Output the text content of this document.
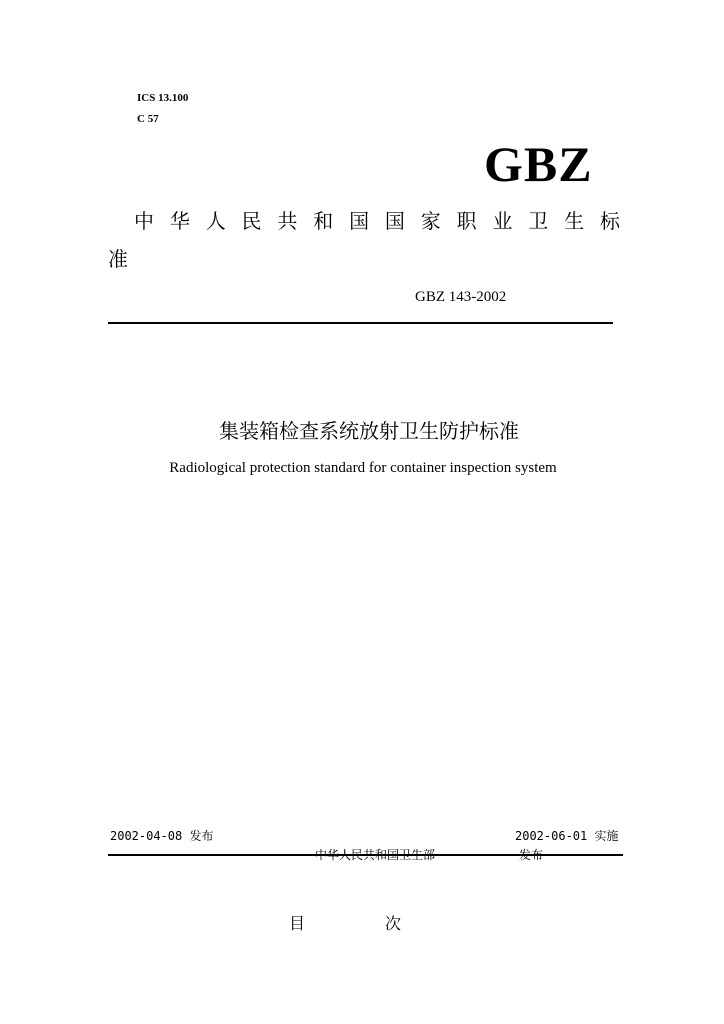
ICS 13.100
C 57
GBZ
中 华 人 民 共 和 国 国 家 职 业 卫 生 标
准
GBZ 143-2002
集装箱检查系统放射卫生防护标准
Radiological protection standard for container inspection system
2002-04-08 发布	2002-06-01 实施
中华人民共和国卫生部	发布
目	次
